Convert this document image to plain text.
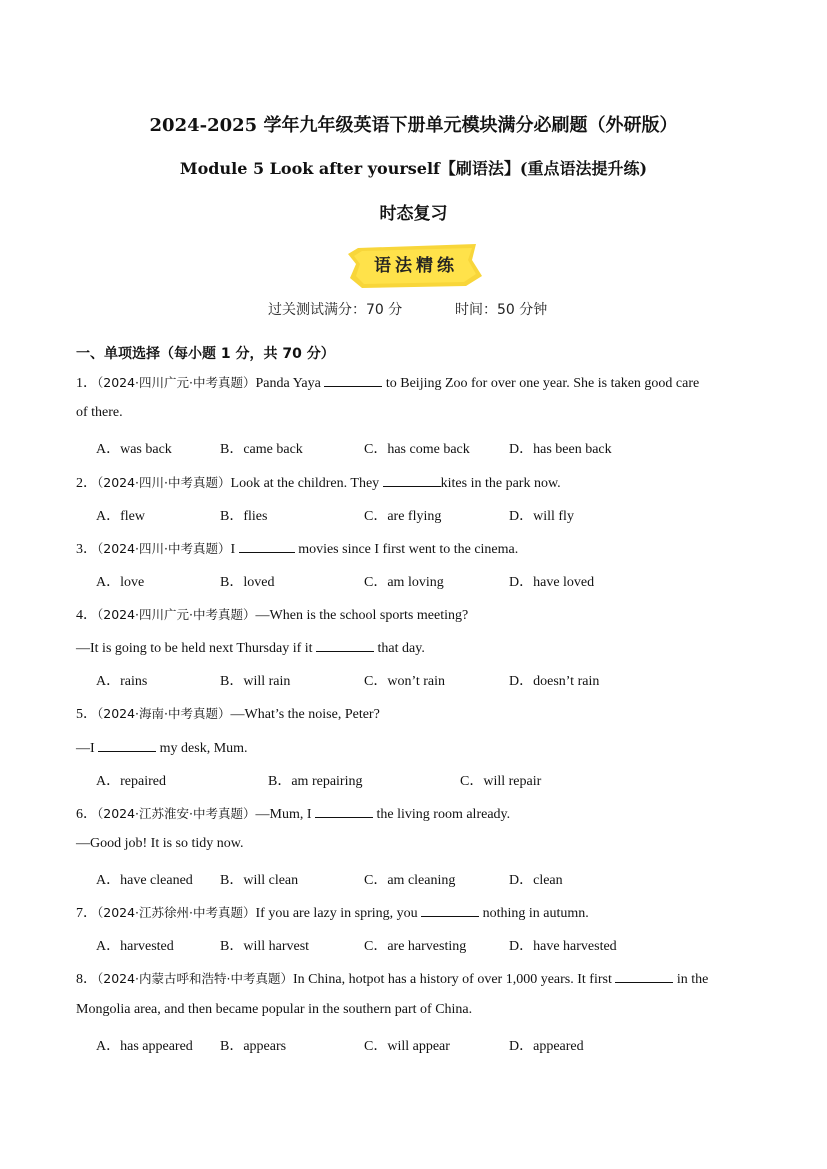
2024-2025 学年九年级英语下册单元模块满分必刷题（外研版）
Module 5 Look after yourself【刷语法】(重点语法提升练)
时态复习
语法精练
过关测试满分：70 分	时间：50 分钟
一、单项选择（每小题 1 分，共 70 分）
1．（2024·四川广元·中考真题）Panda Yaya	to Beijing Zoo for over one year. She is taken good care
of there.
A．was back	B．came back	C．has come back	D．has been back
2．（2024·四川·中考真题）Look at the children. They	kites in the park now.
A．flew	B．flies	C．are flying	D．will fly
3．（2024·四川·中考真题）I	movies since I first went to the cinema.
A．love	B．loved	C．am loving	D．have loved
4．（2024·四川广元·中考真题）—When is the school sports meeting?
—It is going to be held next Thursday if it	that day.
A．rains	B．will rain	C．won’t rain	D．doesn’t rain
5．（2024·海南·中考真题）—What’s the noise, Peter?
—I	my desk, Mum.
A．repaired	B．am repairing	C．will repair
6．（2024·江苏淮安·中考真题）—Mum, I	the living room already.
—Good job! It is so tidy now.
A．have cleaned B．will clean	C．am cleaning	D．clean
7．（2024·江苏徐州·中考真题）If you are lazy in spring, you	nothing in autumn.
A．harvested	B．will harvest	C．are harvesting	D．have harvested
8．（2024·内蒙古呼和浩特·中考真题）In China, hotpot has a history of over 1,000 years. It first	in the
Mongolia area, and then became popular in the southern part of China.
A．has appeared B．appears	C．will appear	D．appeared
